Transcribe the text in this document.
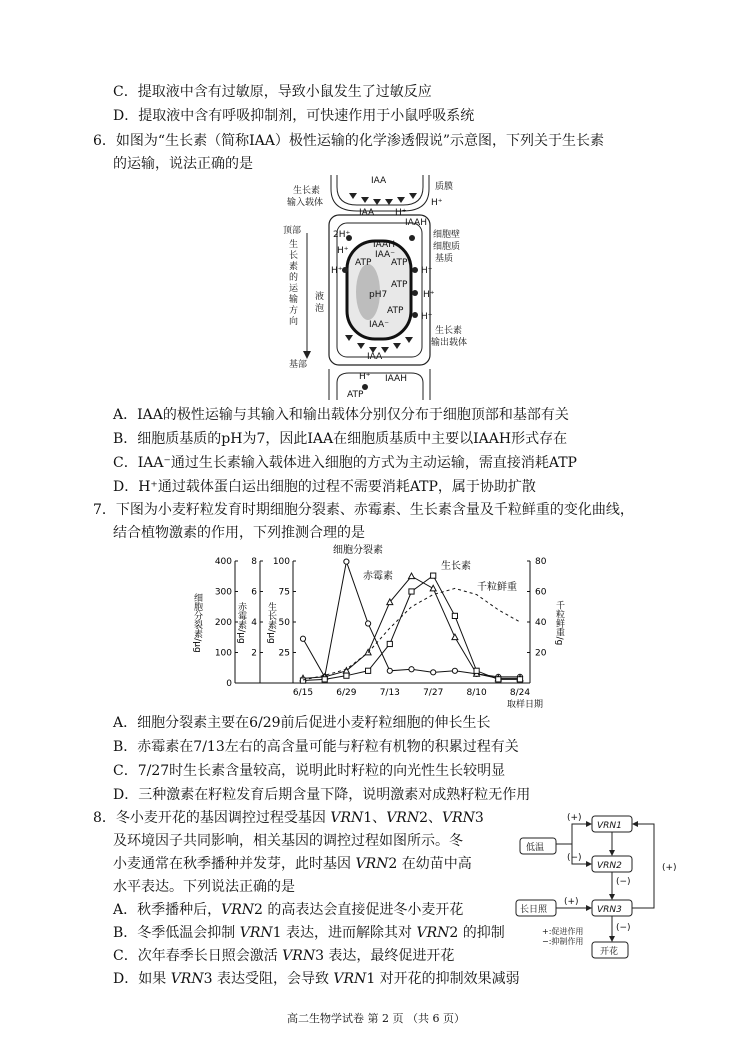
C．提取液中含有过敏原，导致小鼠发生了过敏反应
D．提取液中含有呼吸抑制剂，可快速作用于小鼠呼吸系统
6．如图为“生长素（简称IAA）极性运输的化学渗透假说”示意图，下列关于生长素
的运输，说法正确的是
IAA
质膜
生长素
输入载体
IAA H⁺
H⁺
IAAH
2H⁺	细胞壁
细胞质
基质
顶部
H⁺
IAAH
IAA⁻
ATP ATP
H⁺	H⁺
ATP
H⁺
pH7
液
泡	ATP
H⁺
IAA⁻
生长素
输出载体
基部
IAA
H⁺ IAAH
ATP
生
长
素
的
运
输
方
向
A．IAA的极性运输与其输入和输出载体分别仅分布于细胞顶部和基部有关
B．细胞质基质的pH为7，因此IAA在细胞质基质中主要以IAAH形式存在
C．IAA⁻通过生长素输入载体进入细胞的方式为主动运输，需直接消耗ATP
D．H⁺通过载体蛋白运出细胞的过程不需要消耗ATP，属于协助扩散
7．下图为小麦籽粒发育时期细胞分裂素、赤霉素、生长素含量及千粒鲜重的变化曲线，
结合植物激素的作用，下列推测合理的是
0
100
200
300
400
2
4
6
8
25
50
75
100
20
40
60
80
细胞分裂素/μg	赤霉素/μg 生长素/μg	千粒鲜重/g
6/15	6/29	7/13	7/27	8/10	8/24
取样日期
细胞分裂素
赤霉素
生长素
千粒鲜重
A．细胞分裂素主要在6/29前后促进小麦籽粒细胞的伸长生长
B．赤霉素在7/13左右的高含量可能与籽粒有机物的积累过程有关
C．7/27时生长素含量较高，说明此时籽粒的向光性生长较明显
D．三种激素在籽粒发育后期含量下降，说明激素对成熟籽粒无作用
8．冬小麦开花的基因调控过程受基因 VRN1、VRN2、VRN3
及环境因子共同影响，相关基因的调控过程如图所示。冬
小麦通常在秋季播种并发芽，此时基因 VRN2 在幼苗中高
水平表达。下列说法正确的是
A．秋季播种后，VRN2 的高表达会直接促进冬小麦开花
B．冬季低温会抑制 VRN1 表达，进而解除其对 VRN2 的抑制
C．次年春季长日照会激活 VRN3 表达，最终促进开花
D．如果 VRN3 表达受阻，会导致 VRN1 对开花的抑制效果减弱
低温
VRN1
VRN2
长日照	VRN3
开花
(+)
(−)
(−)
(+)
(−)
(+)
+:促进作用
−:抑制作用
高二生物学试卷 第 2 页 （共 6 页）
